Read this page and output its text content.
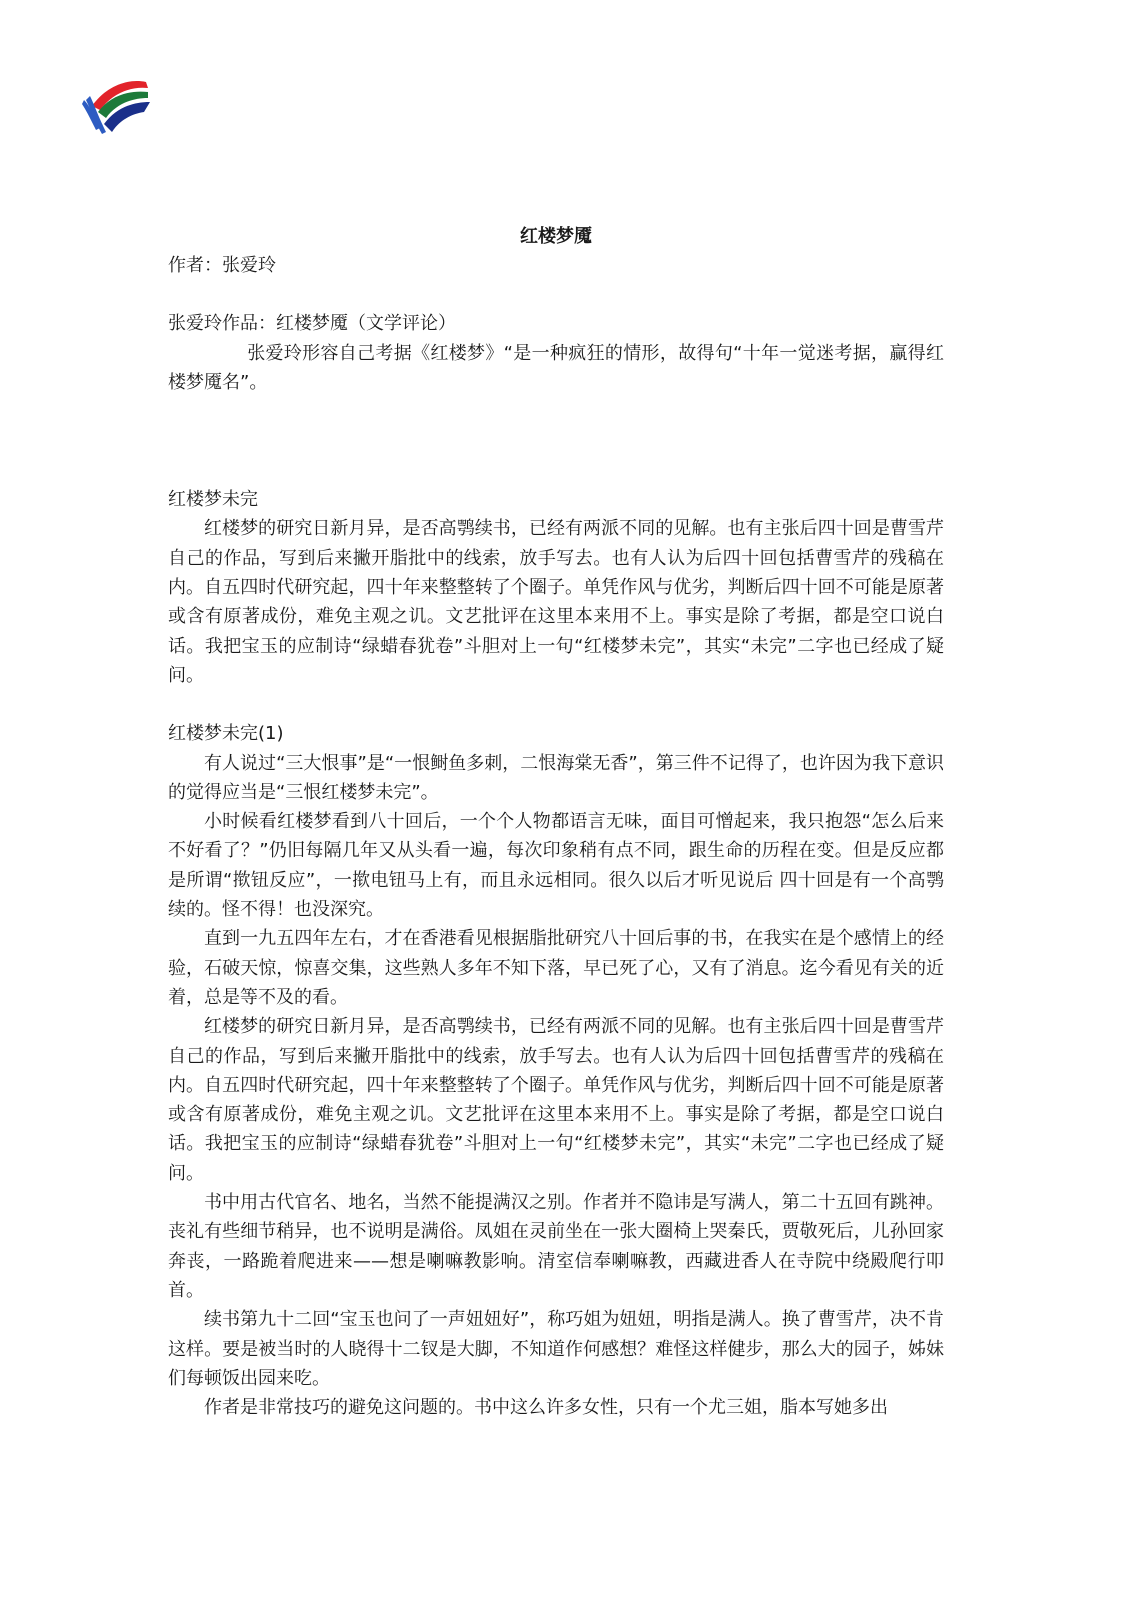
红楼梦魇

作者：张爱玲

张爱玲作品：红楼梦魇（文学评论）

张爱玲形容自己考据《红楼梦》“是一种疯狂的情形，故得句“十年一觉迷考据，赢得红楼梦魇名”。

红楼梦未完

红楼梦的研究日新月异，是否高鹗续书，已经有两派不同的见解。也有主张后四十回是曹雪芹自己的作品，写到后来撇开脂批中的线索，放手写去。也有人认为后四十回包括曹雪芹的残稿在内。自五四时代研究起，四十年来整整转了个圈子。单凭作风与优劣，判断后四十回不可能是原著或含有原著成份，难免主观之讥。文艺批评在这里本来用不上。事实是除了考据，都是空口说白话。我把宝玉的应制诗“绿蜡春犹卷”斗胆对上一句“红楼梦未完”，其实“未完”二字也已经成了疑问。

红楼梦未完(1)

有人说过“三大恨事”是“一恨鲥鱼多刺，二恨海棠无香”，第三件不记得了，也许因为我下意识的觉得应当是“三恨红楼梦未完”。

小时候看红楼梦看到八十回后，一个个人物都语言无味，面目可憎起来，我只抱怨“怎么后来不好看了？”仍旧每隔几年又从头看一遍，每次印象稍有点不同，跟生命的历程在变。但是反应都是所谓“揿钮反应”，一揿电钮马上有，而且永远相同。很久以后才听见说后 四十回是有一个高鹗续的。怪不得！也没深究。

直到一九五四年左右，才在香港看见根据脂批研究八十回后事的书，在我实在是个感情上的经验，石破天惊，惊喜交集，这些熟人多年不知下落，早已死了心，又有了消息。迄今看见有关的近着，总是等不及的看。

红楼梦的研究日新月异，是否高鹗续书，已经有两派不同的见解。也有主张后四十回是曹雪芹自己的作品，写到后来撇开脂批中的线索，放手写去。也有人认为后四十回包括曹雪芹的残稿在内。自五四时代研究起，四十年来整整转了个圈子。单凭作风与优劣，判断后四十回不可能是原著或含有原著成份，难免主观之讥。文艺批评在这里本来用不上。事实是除了考据，都是空口说白话。我把宝玉的应制诗“绿蜡春犹卷”斗胆对上一句“红楼梦未完”，其实“未完”二字也已经成了疑问。

书中用古代官名、地名，当然不能提满汉之别。作者并不隐讳是写满人，第二十五回有跳神。丧礼有些细节稍异，也不说明是满俗。凤姐在灵前坐在一张大圈椅上哭秦氏，贾敬死后，儿孙回家奔丧，一路跪着爬进来——想是喇嘛教影响。清室信奉喇嘛教，西藏进香人在寺院中绕殿爬行叩首。

续书第九十二回“宝玉也问了一声妞妞好”，称巧姐为妞妞，明指是满人。换了曹雪芹，决不肯这样。要是被当时的人晓得十二钗是大脚，不知道作何感想？难怪这样健步，那么大的园子，姊妹们每顿饭出园来吃。

作者是非常技巧的避免这问题的。书中这么许多女性，只有一个尤三姐，脂本写她多出
